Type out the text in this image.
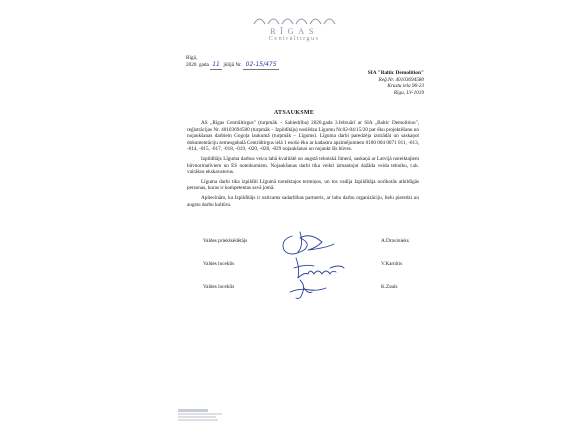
RĪGAS
Centrāltirgus
Rīgā,
2020. gada
11
jūlijā Nr.
02-15/475
SIA "Baltic Demolition"
Reģ.Nr. 40103694580
Krustu iela 96-23
Rīga, LV-1019
ATSAUKSME

AS „Rīgas Centrāltirgus" (turpmāk – Sabiedrība) 2020.gada 3.februārī ar SIA „Baltic Demolition", reģistrācijas Nr. 40103694580 (turpmāk – Izpildītājs) noslēdza Līgumu Nr.02-04/15/20 par ēku projektēšanu un nojaukšanas darbiem Gogoļa laukumā (turpmāk – Līgums). Līguma darbi paredzēja izstrādāt un saskaņot dokumentāciju zemesgabalā Centrāltirgus ielā 1 esošo ēku ar kadastra apzīmējumiem 0100 004 0071 011, -013, -014, -015, -017, -018, -019, -020, -028, -029 nojaukšanai un nojaukt šīs būves.

Izpildītājs Līguma darbus veica labā kvalitātē un augstā tehniskā līmenī, saskaņā ar Latvijā noteiktajiem būvnormatīviem un ES noteikumiem. Nojaukšanas darbi tika veikti izmantojot dažāda veida tehniku, t.sk. vairākus ekskavatorus.

Līguma darbi tika izpildīti Līgumā noteiktajos termiņos, un tos vadīja Izpildītāja norīkotās atbildīgās personas, kuras ir kompetentas savā jomā.

Apliecinām, ka Izpildītājs ir uzticams sadarbības partneris, ar labu darbu organizāciju, lielu pieredzi un augstu darbu kultūru.

Valdes priekšsēdētājs	A.Dravinieks
Valdes loceklis	V.Karnītis
Valdes loceklis	K.Zauls
